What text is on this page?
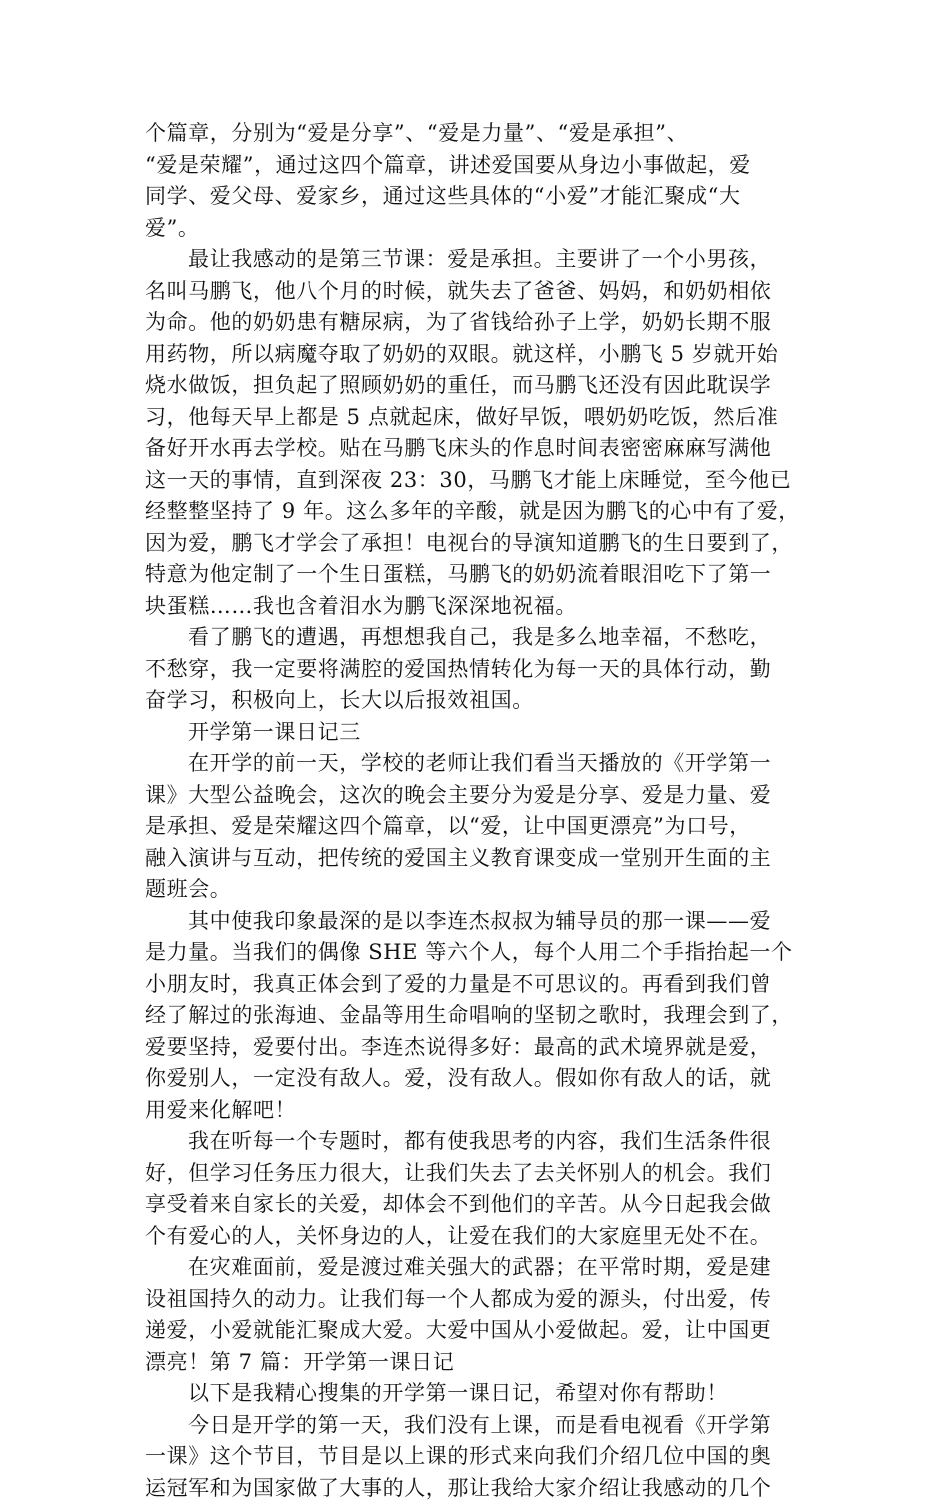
个篇章，分别为“爱是分享”、“爱是力量”、“爱是承担”、
“爱是荣耀”，通过这四个篇章，讲述爱国要从身边小事做起，爱
同学、爱父母、爱家乡，通过这些具体的“小爱”才能汇聚成“大
爱”。
最让我感动的是第三节课：爱是承担。主要讲了一个小男孩，
名叫马鹏飞，他八个月的时候，就失去了爸爸、妈妈，和奶奶相依
为命。他的奶奶患有糖尿病，为了省钱给孙子上学，奶奶长期不服
用药物，所以病魔夺取了奶奶的双眼。就这样，小鹏飞 5 岁就开始
烧水做饭，担负起了照顾奶奶的重任，而马鹏飞还没有因此耽误学
习，他每天早上都是 5 点就起床，做好早饭，喂奶奶吃饭，然后准
备好开水再去学校。贴在马鹏飞床头的作息时间表密密麻麻写满他
这一天的事情，直到深夜 23：30，马鹏飞才能上床睡觉，至今他已
经整整坚持了 9 年。这么多年的辛酸，就是因为鹏飞的心中有了爱，
因为爱，鹏飞才学会了承担！电视台的导演知道鹏飞的生日要到了，
特意为他定制了一个生日蛋糕，马鹏飞的奶奶流着眼泪吃下了第一
块蛋糕……我也含着泪水为鹏飞深深地祝福。
看了鹏飞的遭遇，再想想我自己，我是多么地幸福，不愁吃，
不愁穿，我一定要将满腔的爱国热情转化为每一天的具体行动，勤
奋学习，积极向上，长大以后报效祖国。
开学第一课日记三
在开学的前一天，学校的老师让我们看当天播放的《开学第一
课》大型公益晚会，这次的晚会主要分为爱是分享、爱是力量、爱
是承担、爱是荣耀这四个篇章，以“爱，让中国更漂亮”为口号，
融入演讲与互动，把传统的爱国主义教育课变成一堂别开生面的主
题班会。
其中使我印象最深的是以李连杰叔叔为辅导员的那一课——爱
是力量。当我们的偶像 SHE 等六个人，每个人用二个手指抬起一个
小朋友时，我真正体会到了爱的力量是不可思议的。再看到我们曾
经了解过的张海迪、金晶等用生命唱响的坚韧之歌时，我理会到了，
爱要坚持，爱要付出。李连杰说得多好：最高的武术境界就是爱，
你爱别人，一定没有敌人。爱，没有敌人。假如你有敌人的话，就
用爱来化解吧！
我在听每一个专题时，都有使我思考的内容，我们生活条件很
好，但学习任务压力很大，让我们失去了去关怀别人的机会。我们
享受着来自家长的关爱，却体会不到他们的辛苦。从今日起我会做
个有爱心的人，关怀身边的人，让爱在我们的大家庭里无处不在。
在灾难面前，爱是渡过难关强大的武器；在平常时期，爱是建
设祖国持久的动力。让我们每一个人都成为爱的源头，付出爱，传
递爱，小爱就能汇聚成大爱。大爱中国从小爱做起。爱，让中国更
漂亮！第 7 篇：开学第一课日记
以下是我精心搜集的开学第一课日记，希望对你有帮助！
今日是开学的第一天，我们没有上课，而是看电视看《开学第
一课》这个节目，节目是以上课的形式来向我们介绍几位中国的奥
运冠军和为国家做了大事的人，那让我给大家介绍让我感动的几个
